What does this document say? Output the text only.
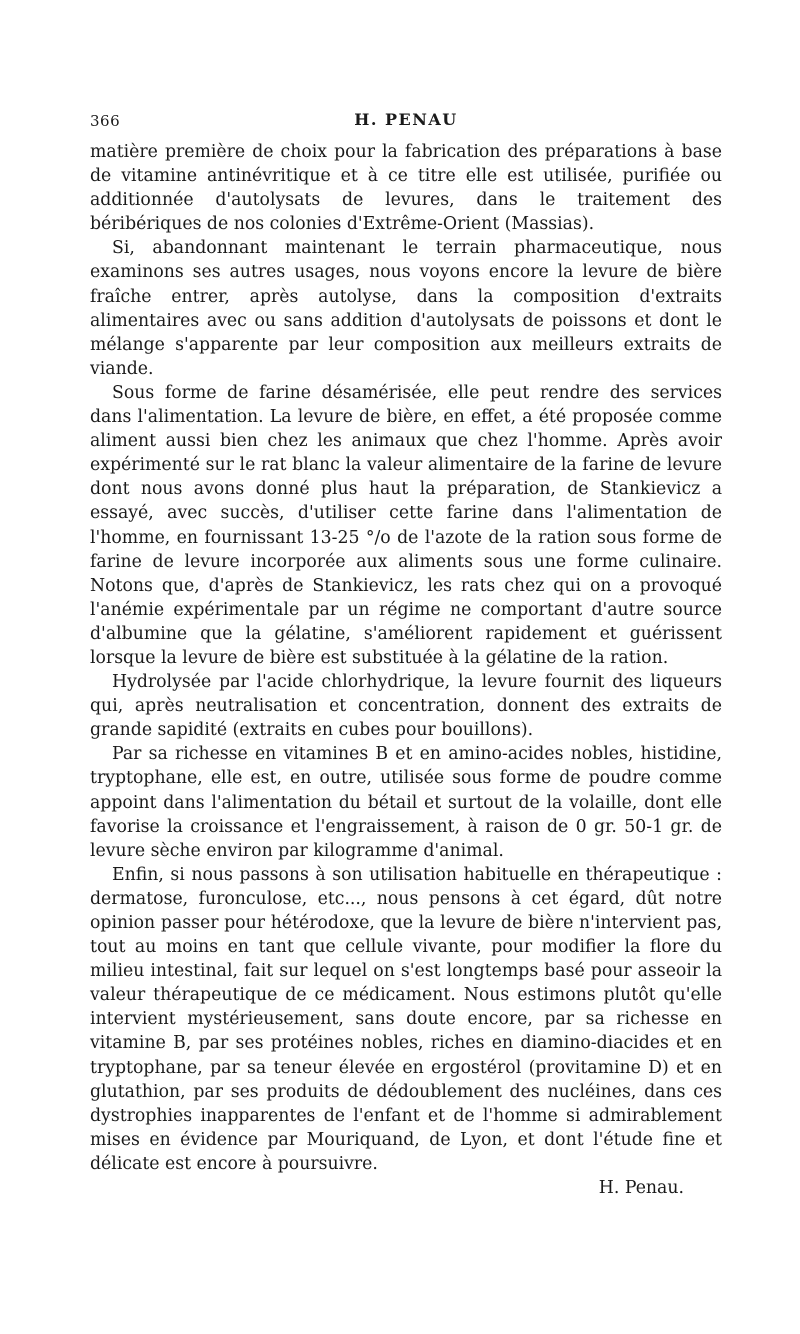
366	H. PENAU

matière première de choix pour la fabrication des préparations à base de vitamine antinévritique et à ce titre elle est utilisée, purifiée ou additionnée d'autolysats de levures, dans le traitement des béribériques de nos colonies d'Extrême-Orient (Massias).

Si, abandonnant maintenant le terrain pharmaceutique, nous examinons ses autres usages, nous voyons encore la levure de bière fraîche entrer, après autolyse, dans la composition d'extraits alimentaires avec ou sans addition d'autolysats de poissons et dont le mélange s'apparente par leur composition aux meilleurs extraits de viande.

Sous forme de farine désamérisée, elle peut rendre des services dans l'alimentation. La levure de bière, en effet, a été proposée comme aliment aussi bien chez les animaux que chez l'homme. Après avoir expérimenté sur le rat blanc la valeur alimentaire de la farine de levure dont nous avons donné plus haut la préparation, de Stankievicz a essayé, avec succès, d'utiliser cette farine dans l'alimentation de l'homme, en fournissant 13-25 °/o de l'azote de la ration sous forme de farine de levure incorporée aux aliments sous une forme culinaire. Notons que, d'après de Stankievicz, les rats chez qui on a provoqué l'anémie expérimentale par un régime ne comportant d'autre source d'albumine que la gélatine, s'améliorent rapidement et guérissent lorsque la levure de bière est substituée à la gélatine de la ration.

Hydrolysée par l'acide chlorhydrique, la levure fournit des liqueurs qui, après neutralisation et concentration, donnent des extraits de grande sapidité (extraits en cubes pour bouillons).

Par sa richesse en vitamines B et en amino-acides nobles, histidine, tryptophane, elle est, en outre, utilisée sous forme de poudre comme appoint dans l'alimentation du bétail et surtout de la volaille, dont elle favorise la croissance et l'engraissement, à raison de 0 gr. 50-1 gr. de levure sèche environ par kilogramme d'animal.

Enfin, si nous passons à son utilisation habituelle en thérapeutique : dermatose, furonculose, etc..., nous pensons à cet égard, dût notre opinion passer pour hétérodoxe, que la levure de bière n'intervient pas, tout au moins en tant que cellule vivante, pour modifier la flore du milieu intestinal, fait sur lequel on s'est longtemps basé pour asseoir la valeur thérapeutique de ce médicament. Nous estimons plutôt qu'elle intervient mystérieusement, sans doute encore, par sa richesse en vitamine B, par ses protéines nobles, riches en diamino-diacides et en tryptophane, par sa teneur élevée en ergostérol (provitamine D) et en glutathion, par ses produits de dédoublement des nucléines, dans ces dystrophies inapparentes de l'enfant et de l'homme si admirablement mises en évidence par Mouriquand, de Lyon, et dont l'étude fine et délicate est encore à poursuivre.

H. Penau.
